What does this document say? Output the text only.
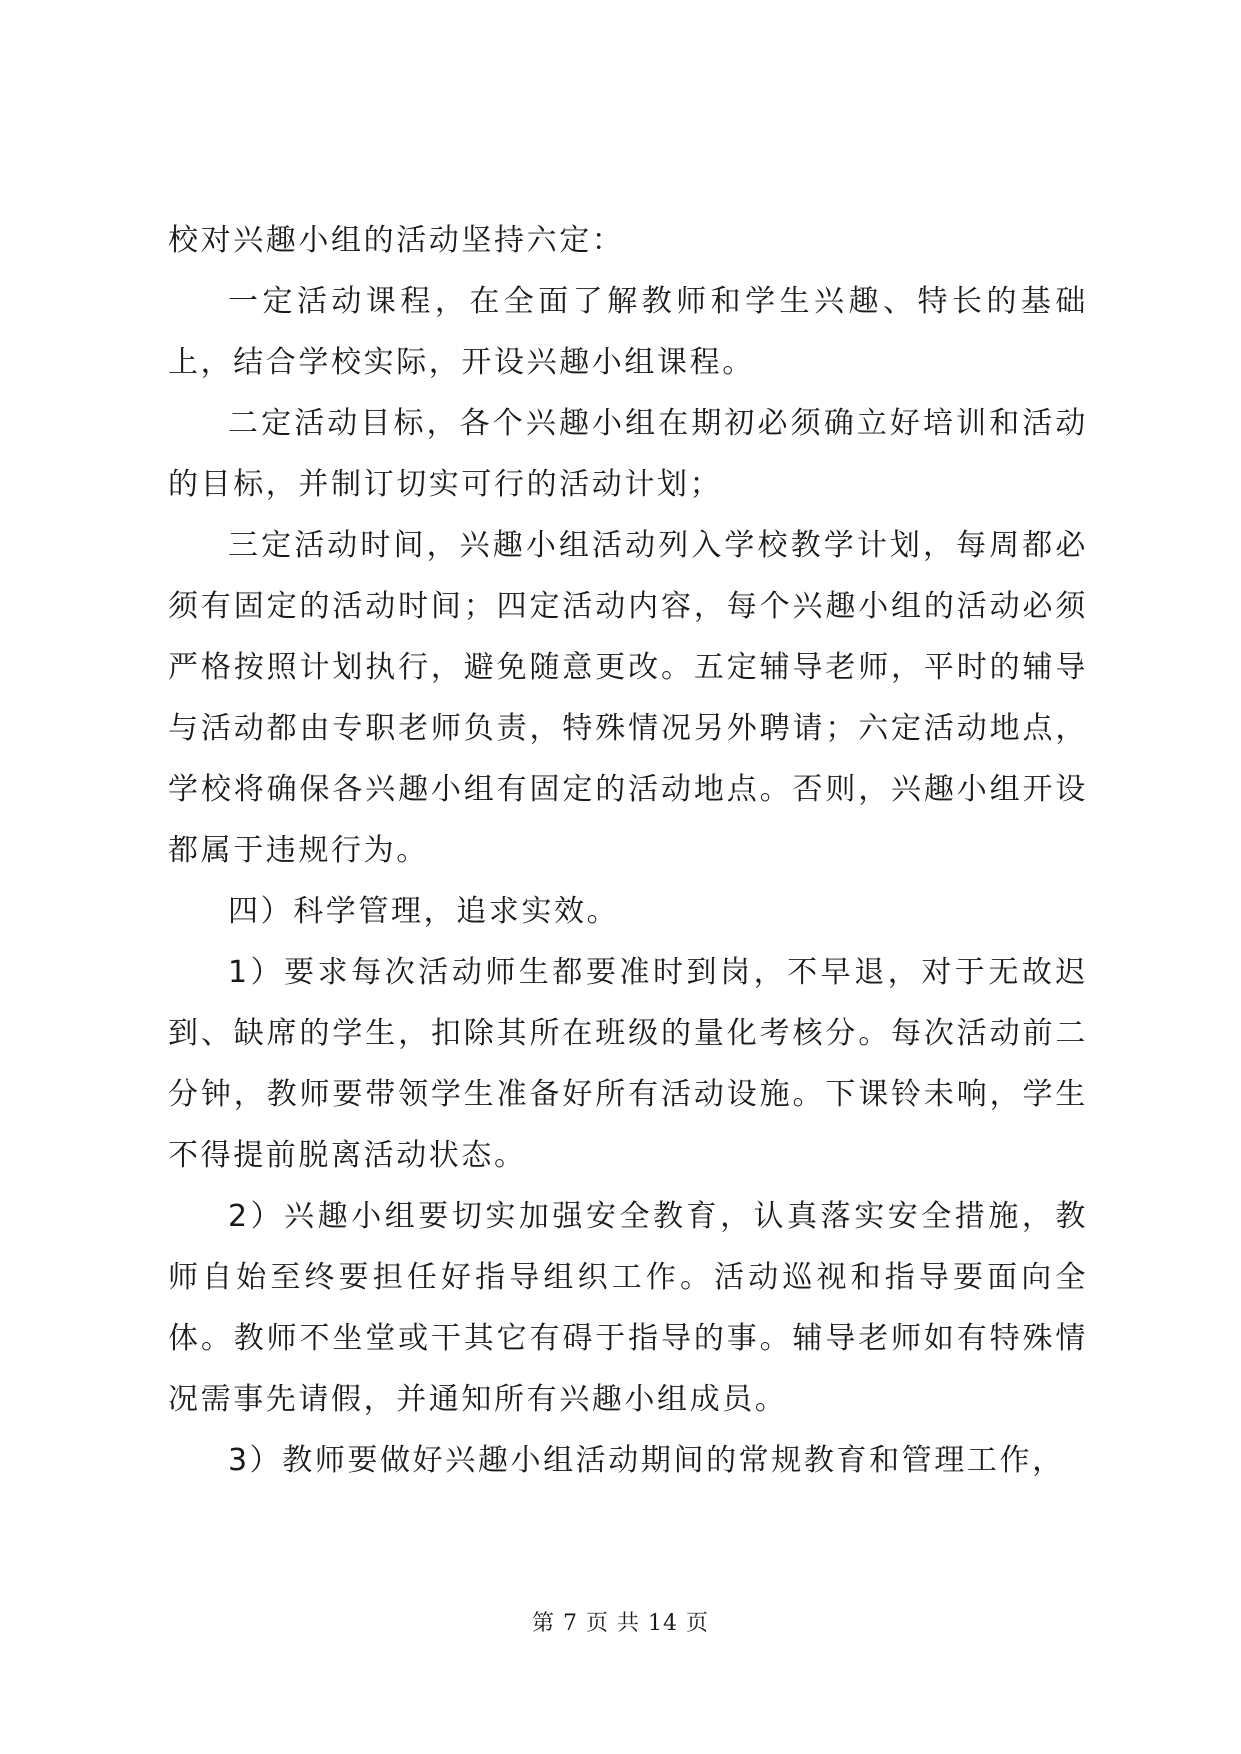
校对兴趣小组的活动坚持六定：

一定活动课程，在全面了解教师和学生兴趣、特长的基础上，结合学校实际，开设兴趣小组课程。

二定活动目标，各个兴趣小组在期初必须确立好培训和活动的目标，并制订切实可行的活动计划；

三定活动时间，兴趣小组活动列入学校教学计划，每周都必须有固定的活动时间；四定活动内容，每个兴趣小组的活动必须严格按照计划执行，避免随意更改。五定辅导老师，平时的辅导与活动都由专职老师负责，特殊情况另外聘请；六定活动地点，学校将确保各兴趣小组有固定的活动地点。否则，兴趣小组开设都属于违规行为。

四）科学管理，追求实效。

1）要求每次活动师生都要准时到岗，不早退，对于无故迟到、缺席的学生，扣除其所在班级的量化考核分。每次活动前二分钟，教师要带领学生准备好所有活动设施。下课铃未响，学生不得提前脱离活动状态。

2）兴趣小组要切实加强安全教育，认真落实安全措施，教师自始至终要担任好指导组织工作。活动巡视和指导要面向全体。教师不坐堂或干其它有碍于指导的事。辅导老师如有特殊情况需事先请假，并通知所有兴趣小组成员。

3）教师要做好兴趣小组活动期间的常规教育和管理工作，

第 7 页 共 14 页
